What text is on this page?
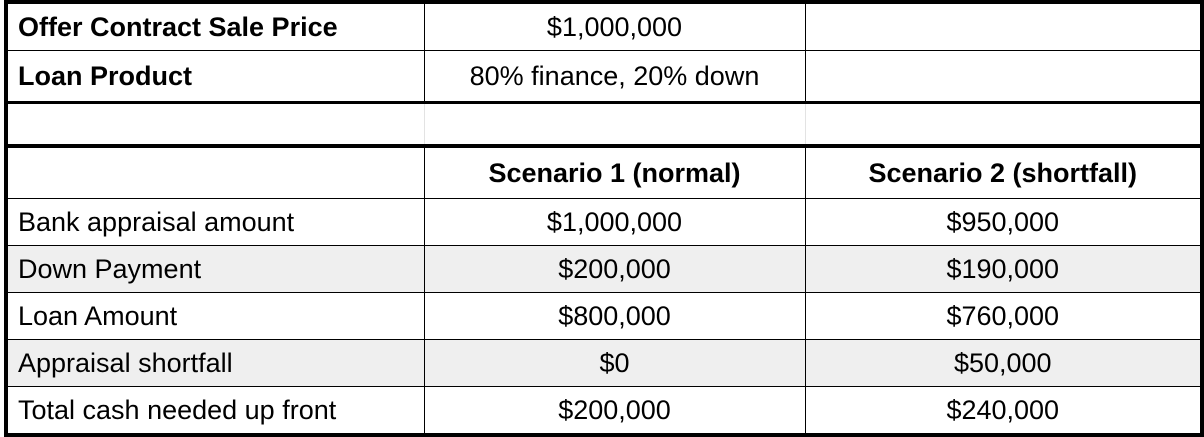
Offer Contract Sale Price	$1,000,000	
Loan Product	80% finance, 20% down	

	Scenario 1 (normal)	Scenario 2 (shortfall)
Bank appraisal amount	$1,000,000	$950,000
Down Payment	$200,000	$190,000
Loan Amount	$800,000	$760,000
Appraisal shortfall	$0	$50,000
Total cash needed up front	$200,000	$240,000
